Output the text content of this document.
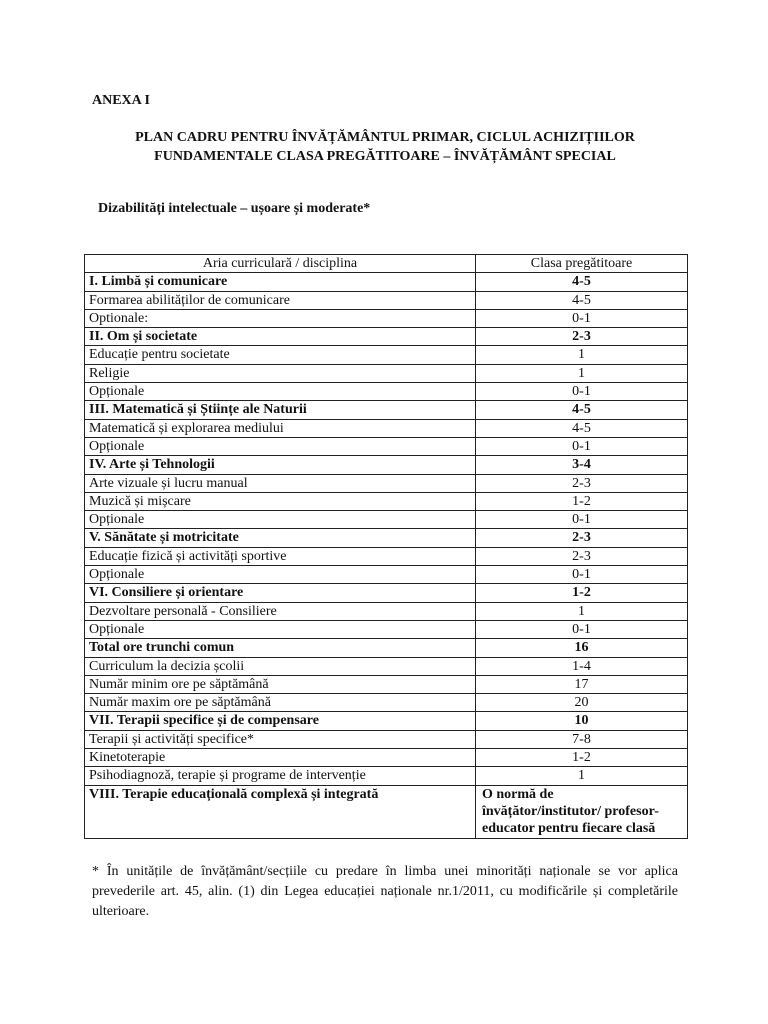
ANEXA I
PLAN CADRU PENTRU ÎNVĂȚĂMÂNTUL PRIMAR, CICLUL ACHIZIȚIILOR
FUNDAMENTALE CLASA PREGĂTITOARE – ÎNVĂȚĂMÂNT SPECIAL
Dizabilități intelectuale – ușoare și moderate*
Aria curriculară / disciplina	Clasa pregătitoare
I. Limbă și comunicare	4-5
Formarea abilităților de comunicare	4-5
Optionale:	0-1
II. Om și societate	2-3
Educație pentru societate	1
Religie	1
Opționale	0-1
III. Matematică și Științe ale Naturii	4-5
Matematică și explorarea mediului	4-5
Opționale	0-1
IV. Arte și Tehnologii	3-4
Arte vizuale și lucru manual	2-3
Muzică și mișcare	1-2
Opționale	0-1
V. Sănătate și motricitate	2-3
Educație fizică și activități sportive	2-3
Opționale	0-1
VI. Consiliere și orientare	1-2
Dezvoltare personală - Consiliere	1
Opționale	0-1
Total ore trunchi comun	16
Curriculum la decizia școlii	1-4
Număr minim ore pe săptămână	17
Număr maxim ore pe săptămână	20
VII. Terapii specifice și de compensare	10
Terapii și activități specifice*	7-8
Kinetoterapie	1-2
Psihodiagnoză, terapie și programe de intervenție	1
VIII. Terapie educațională complexă și integrată	O normă de
învățător/institutor/ profesor-
educator pentru fiecare clasă
* În unitățile de învățământ/secțiile cu predare în limba unei minorități naționale se vor aplica prevederile art. 45, alin. (1) din Legea educației naționale nr.1/2011, cu modificările și completările ulterioare.
